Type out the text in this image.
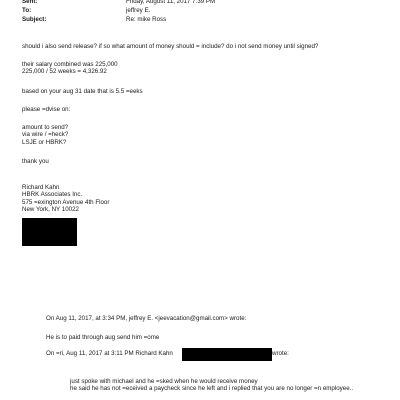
Sent:	Friday, August 11, 2017 7:39 PM
To:	jeffrey E.
Subject:	Re: mike Ross
should i also send release? if so what amount of money should = include? do i not send money until signed?
their salary combined was 225,000
225,000 / 52 weeks = 4,326.92
based on your aug 31 date that is 5.5 =eeks
please =dvise on:
amount to send?
via wire / =heck?
LSJE or HBRK?
thank you
Richard Kahn
HBRK Associates Inc.
575 =exington Avenue 4th Floor
New York, NY 10022
On Aug 11, 2017, at 3:34 PM, jeffrey E. <jeevacation@gmail.com> wrote:
He is to paid through aug send him =ome
On =ri, Aug 11, 2017 at 3:11 PM Richard Kahn	wrote:
just spoke with michael and he =sked when he would receive money
he said he has not =eceived a paycheck since he left and i replied that you are no longer =n employee..
